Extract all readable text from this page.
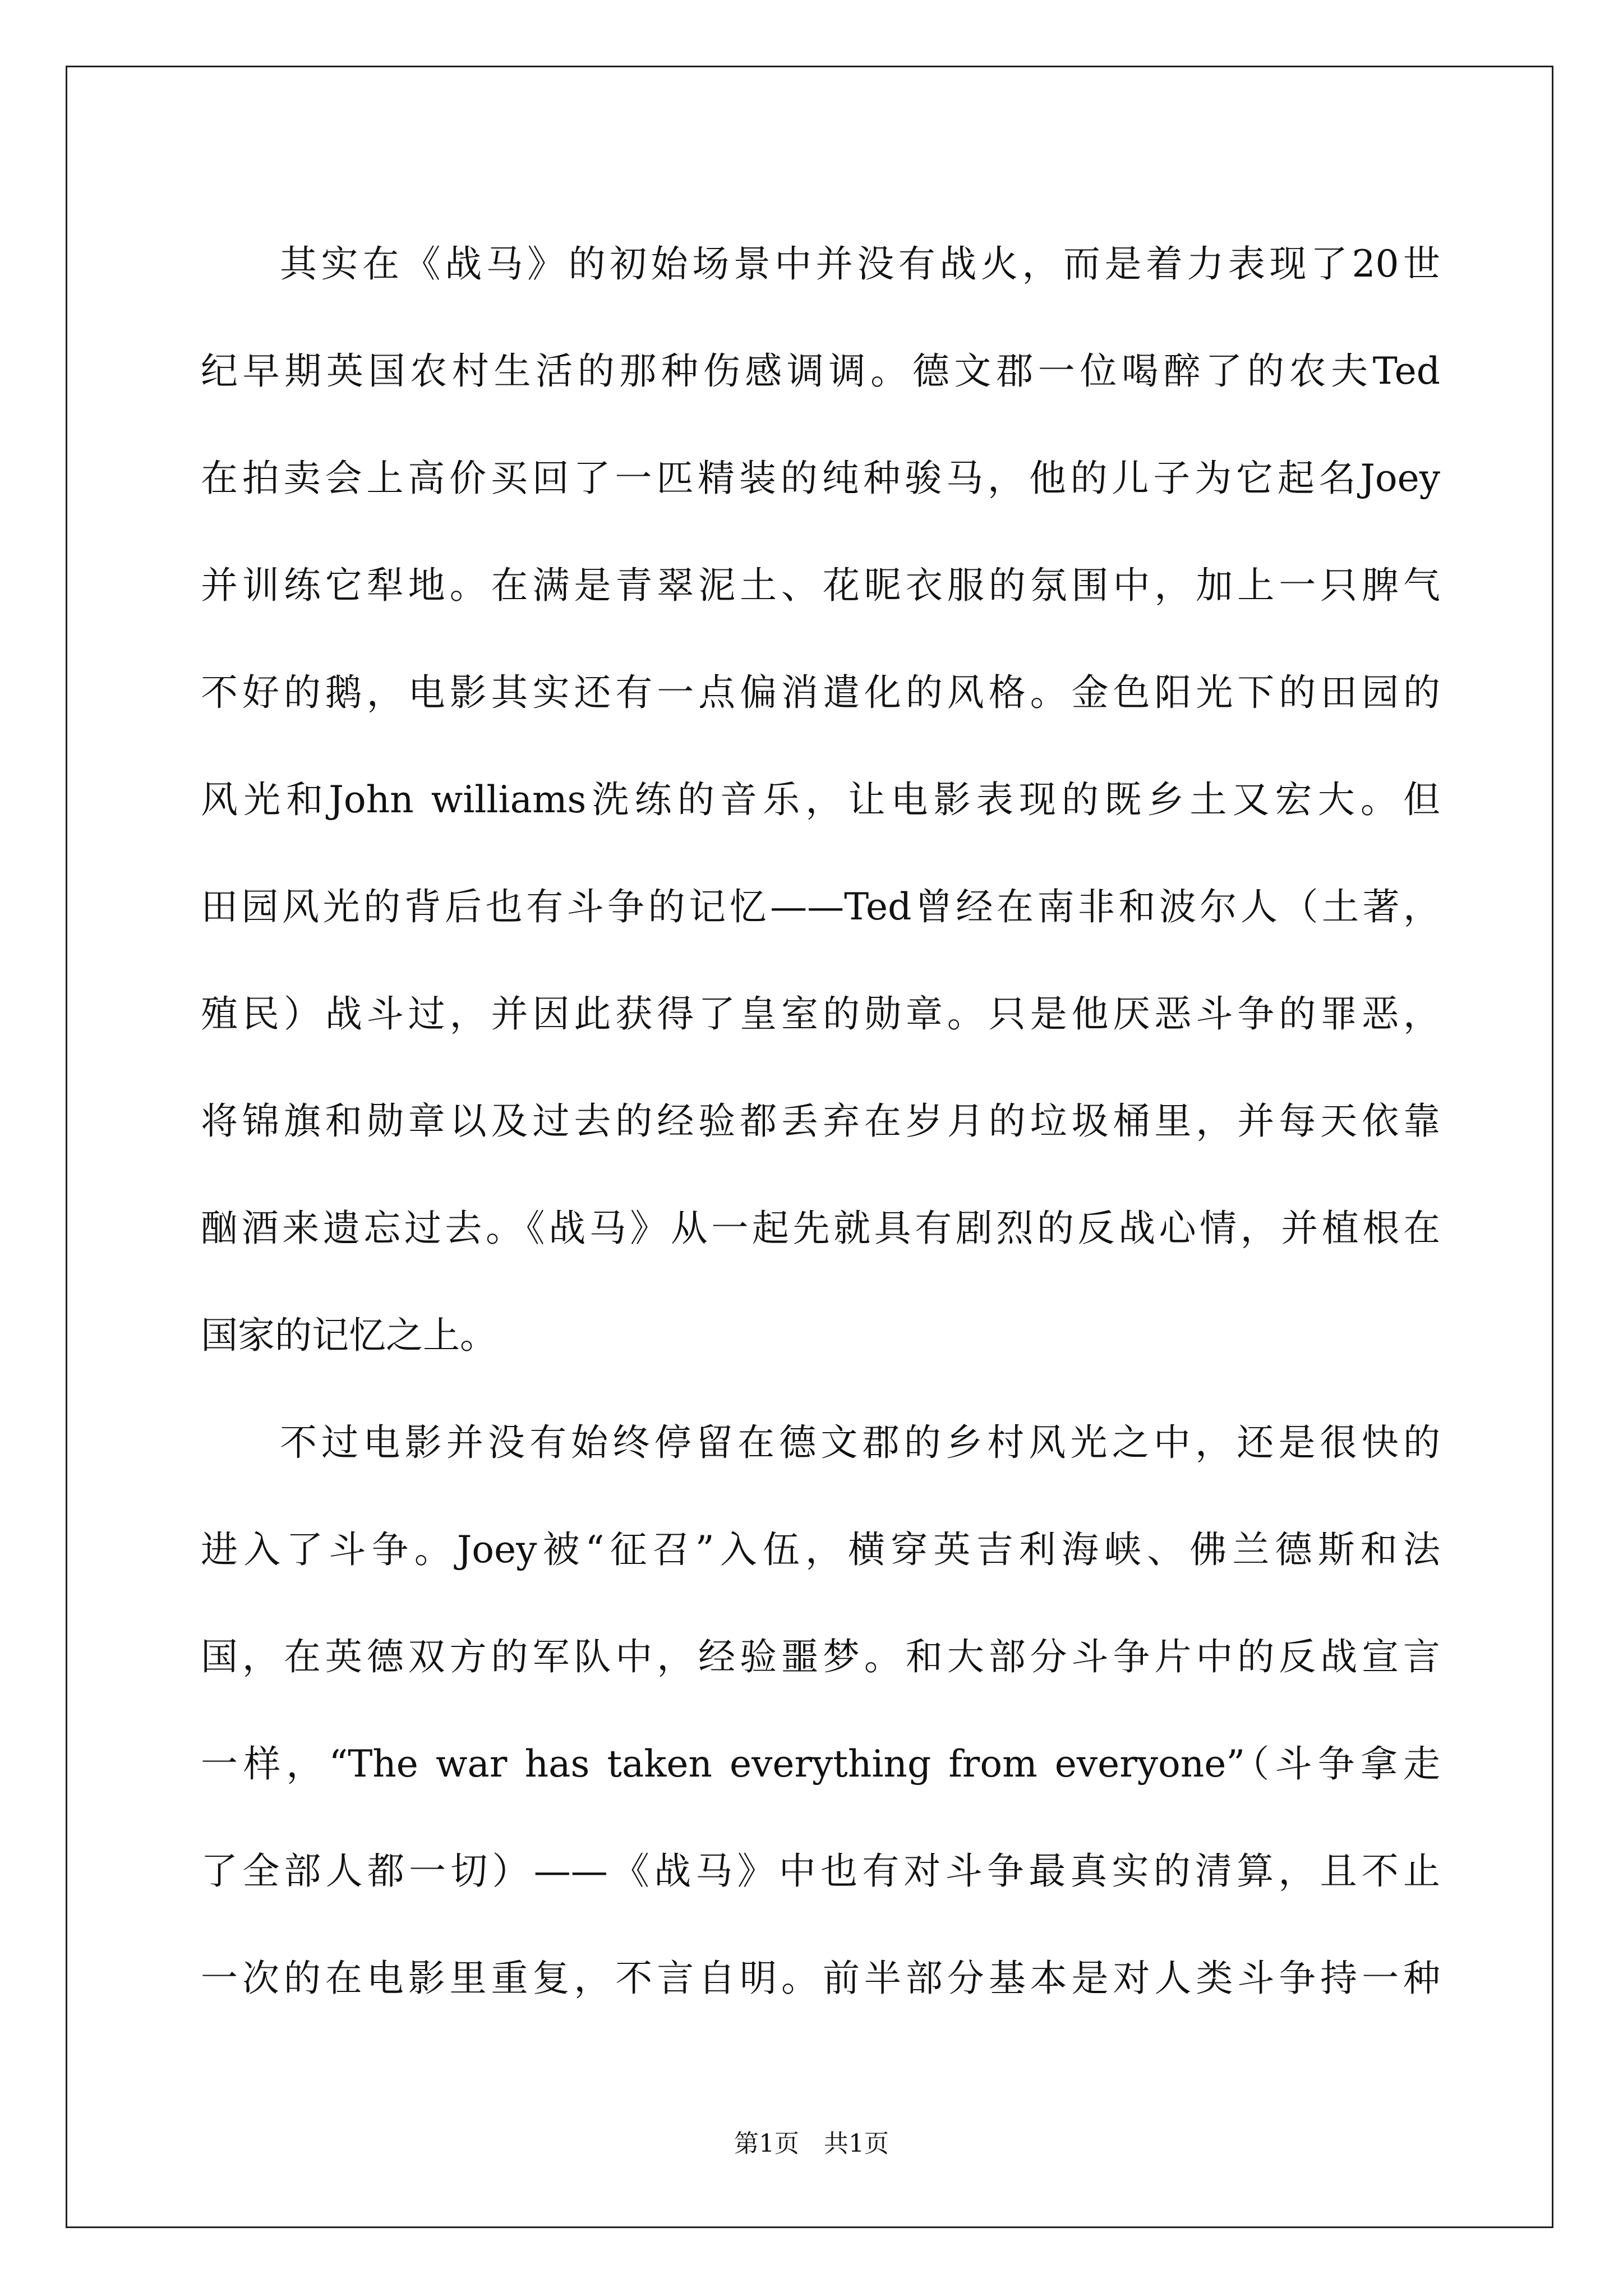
其实在《战马》的初始场景中并没有战火，而是着力表现了20世
纪早期英国农村生活的那种伤感调调。德文郡一位喝醉了的农夫Ted
在拍卖会上高价买回了一匹精装的纯种骏马，他的儿子为它起名Joey
并训练它犁地。在满是青翠泥土、花昵衣服的氛围中，加上一只脾气
不好的鹅，电影其实还有一点偏消遣化的风格。金色阳光下的田园的
风光和John williams洗练的音乐，让电影表现的既乡土又宏大。但
田园风光的背后也有斗争的记忆——Ted曾经在南非和波尔人（土著，
殖民）战斗过，并因此获得了皇室的勋章。只是他厌恶斗争的罪恶，
将锦旗和勋章以及过去的经验都丢弃在岁月的垃圾桶里，并每天依靠
酗酒来遗忘过去。《战马》从一起先就具有剧烈的反战心情，并植根在
国家的记忆之上。
不过电影并没有始终停留在德文郡的乡村风光之中，还是很快的
进入了斗争。Joey被“征召”入伍，横穿英吉利海峡、佛兰德斯和法
国，在英德双方的军队中，经验噩梦。和大部分斗争片中的反战宣言
一样，“The war has taken everything from everyone”（斗争拿走
了全部人都一切）——《战马》中也有对斗争最真实的清算，且不止
一次的在电影里重复，不言自明。前半部分基本是对人类斗争持一种
第1页　共1页
